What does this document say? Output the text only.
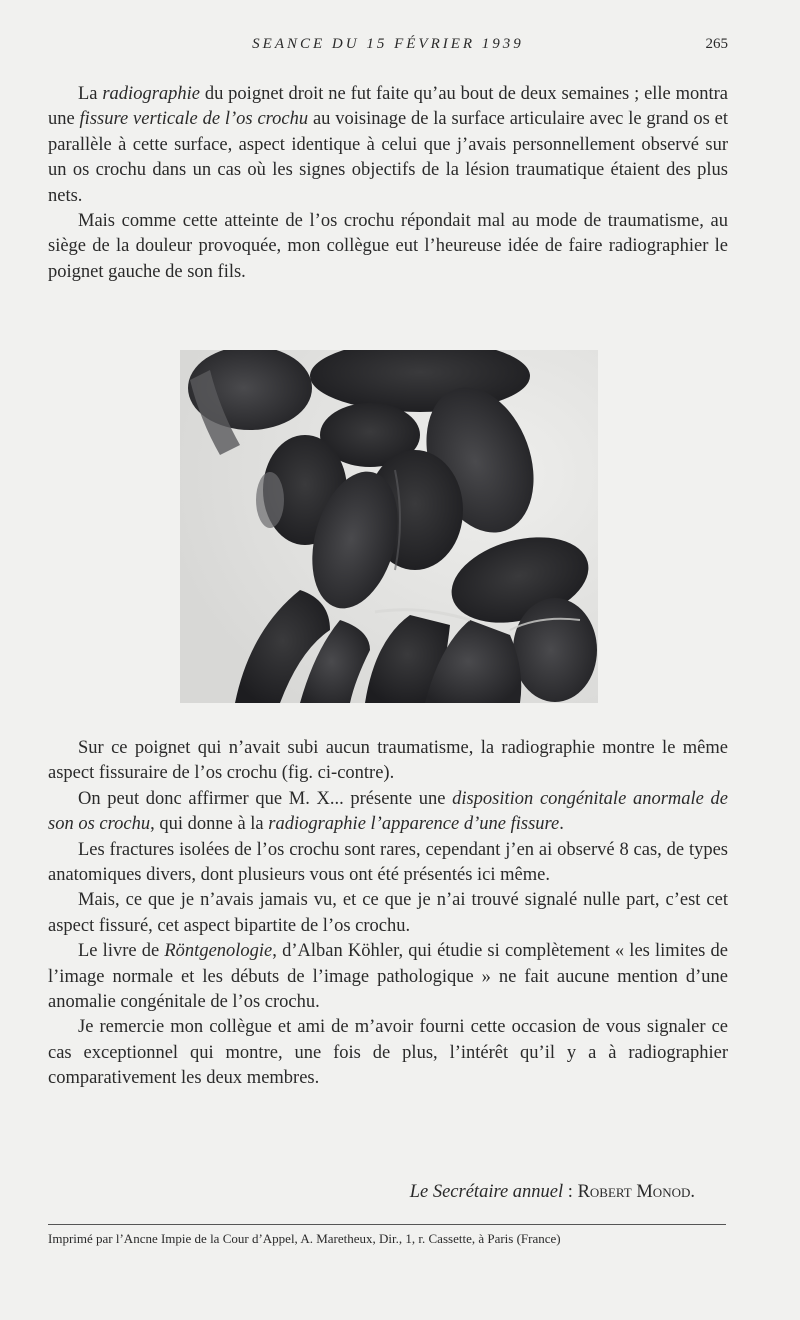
SEANCE DU 15 FÉVRIER 1939	265

La radiographie du poignet droit ne fut faite qu’au bout de deux semaines ; elle montra une fissure verticale de l’os crochu au voisinage de la surface articulaire avec le grand os et parallèle à cette surface, aspect identique à celui que j’avais personnellement observé sur un os crochu dans un cas où les signes objectifs de la lésion traumatique étaient des plus nets.

Mais comme cette atteinte de l’os crochu répondait mal au mode de traumatisme, au siège de la douleur provoquée, mon collègue eut l’heureuse idée de faire radiographier le poignet gauche de son fils.

Sur ce poignet qui n’avait subi aucun traumatisme, la radiographie montre le même aspect fissuraire de l’os crochu (fig. ci-contre).

On peut donc affirmer que M. X... présente une disposition congénitale anormale de son os crochu, qui donne à la radiographie l’apparence d’une fissure.

Les fractures isolées de l’os crochu sont rares, cependant j’en ai observé 8 cas, de types anatomiques divers, dont plusieurs vous ont été présentés ici même.

Mais, ce que je n’avais jamais vu, et ce que je n’ai trouvé signalé nulle part, c’est cet aspect fissuré, cet aspect bipartite de l’os crochu.

Le livre de Röntgenologie, d’Alban Köhler, qui étudie si complètement « les limites de l’image normale et les débuts de l’image pathologique » ne fait aucune mention d’une anomalie congénitale de l’os crochu.

Je remercie mon collègue et ami de m’avoir fourni cette occasion de vous signaler ce cas exceptionnel qui montre, une fois de plus, l’intérêt qu’il y a à radiographier comparativement les deux membres.

Le Secrétaire annuel : Robert Monod.
Imprimé par l’Ancne Impie de la Cour d’Appel, A. Maretheux, Dir., 1, r. Cassette, à Paris (France)
